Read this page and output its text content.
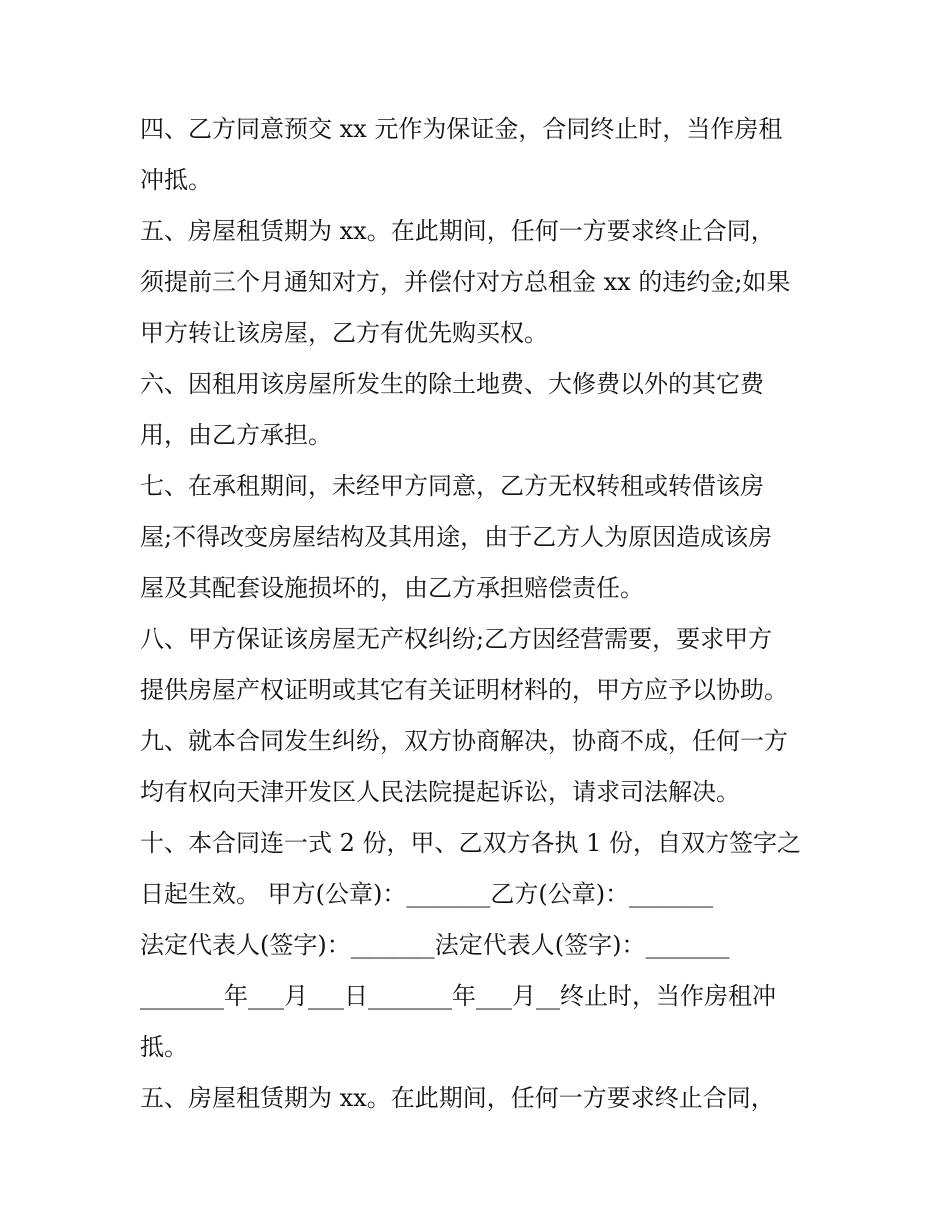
四、乙方同意预交 xx 元作为保证金，合同终止时，当作房租
冲抵。
五、房屋租赁期为 xx。在此期间，任何一方要求终止合同，
须提前三个月通知对方，并偿付对方总租金 xx 的违约金;如果
甲方转让该房屋，乙方有优先购买权。
六、因租用该房屋所发生的除土地费、大修费以外的其它费
用，由乙方承担。
七、在承租期间，未经甲方同意，乙方无权转租或转借该房
屋;不得改变房屋结构及其用途，由于乙方人为原因造成该房
屋及其配套设施损坏的，由乙方承担赔偿责任。
八、甲方保证该房屋无产权纠纷;乙方因经营需要，要求甲方
提供房屋产权证明或其它有关证明材料的，甲方应予以协助。
九、就本合同发生纠纷，双方协商解决，协商不成，任何一方
均有权向天津开发区人民法院提起诉讼，请求司法解决。
十、本合同连一式 2 份，甲、乙双方各执 1 份，自双方签字之
日起生效。 甲方(公章)：_______乙方(公章)：_______
法定代表人(签字)：_______法定代表人(签字)：_______
_______年___月___日_______年___月__终止时，当作房租冲
抵。
五、房屋租赁期为 xx。在此期间，任何一方要求终止合同，
